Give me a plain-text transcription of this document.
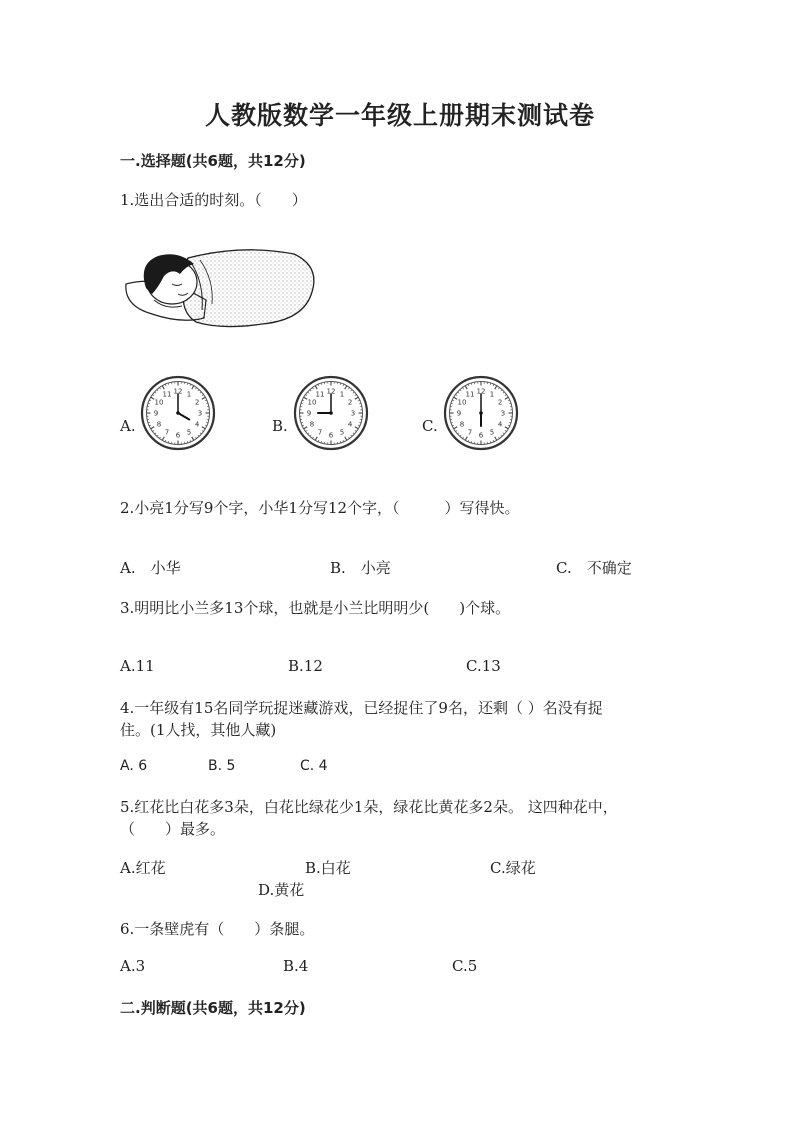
人教版数学一年级上册期末测试卷
一.选择题(共6题，共12分)
1.选出合适的时刻。（　　）
A.	B.	C.
12 1
2
3
4
5
6
7
8
9
10
11	12 1
2
3
4
5
6
7
8
9
10
11	12 1
2
3
4
5
6
7
8
9
10
11
2.小亮1分写9个字，小华1分写12个字，（　　　）写得快。
A.　小华	B.　小亮	C.　不确定
3.明明比小兰多13个球，也就是小兰比明明少(　　)个球。
A.11	B.12	C.13
4.一年级有15名同学玩捉迷藏游戏，已经捉住了9名，还剩（ ）名没有捉
住。(1人找，其他人藏)
A. 6	B. 5	C. 4
5.红花比白花多3朵，白花比绿花少1朵，绿花比黄花多2朵。 这四种花中，
（　　）最多。
A.红花	B.白花	C.绿花
D.黄花
6.一条壁虎有（　　）条腿。
A.3	B.4	C.5
二.判断题(共6题，共12分)
